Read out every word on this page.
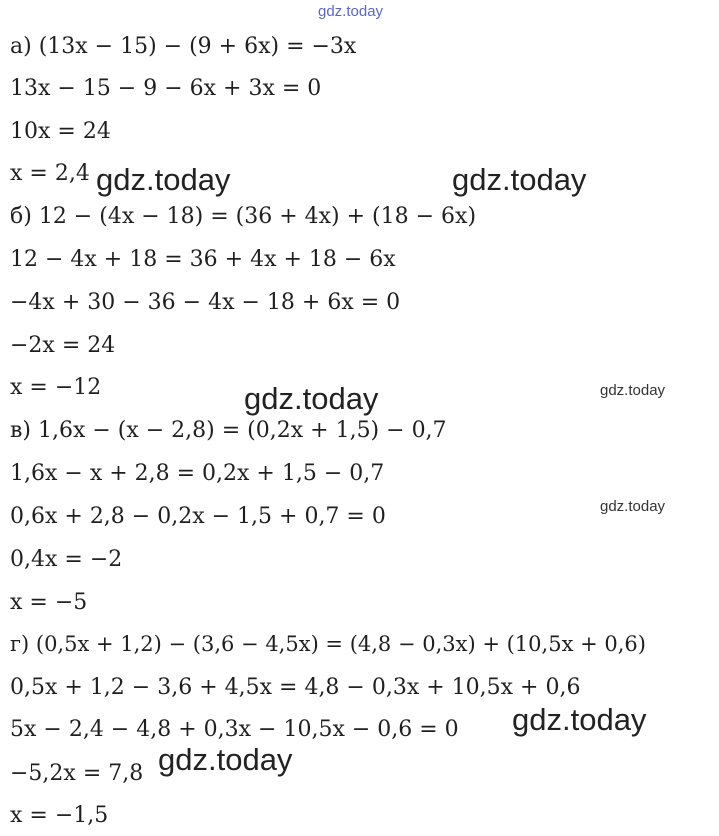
а) (13x − 15) − (9 + 6x) = −3x
13x − 15 − 9 − 6x + 3x = 0
10x = 24
x = 2,4
б) 12 − (4x − 18) = (36 + 4x) + (18 − 6x)
12 − 4x + 18 = 36 + 4x + 18 − 6x
−4x + 30 − 36 − 4x − 18 + 6x = 0
−2x = 24
x = −12
в) 1,6x − (x − 2,8) = (0,2x + 1,5) − 0,7
1,6x − x + 2,8 = 0,2x + 1,5 − 0,7
0,6x + 2,8 − 0,2x − 1,5 + 0,7 = 0
0,4x = −2
x = −5
г) (0,5x + 1,2) − (3,6 − 4,5x) = (4,8 − 0,3x) + (10,5x + 0,6)
0,5x + 1,2 − 3,6 + 4,5x = 4,8 − 0,3x + 10,5x + 0,6
5x − 2,4 − 4,8 + 0,3x − 10,5x − 0,6 = 0
−5,2x = 7,8
x = −1,5
gdz.today
gdz.today	gdz.today
gdz.today	gdz.today
gdz.today
gdz.today
gdz.today
